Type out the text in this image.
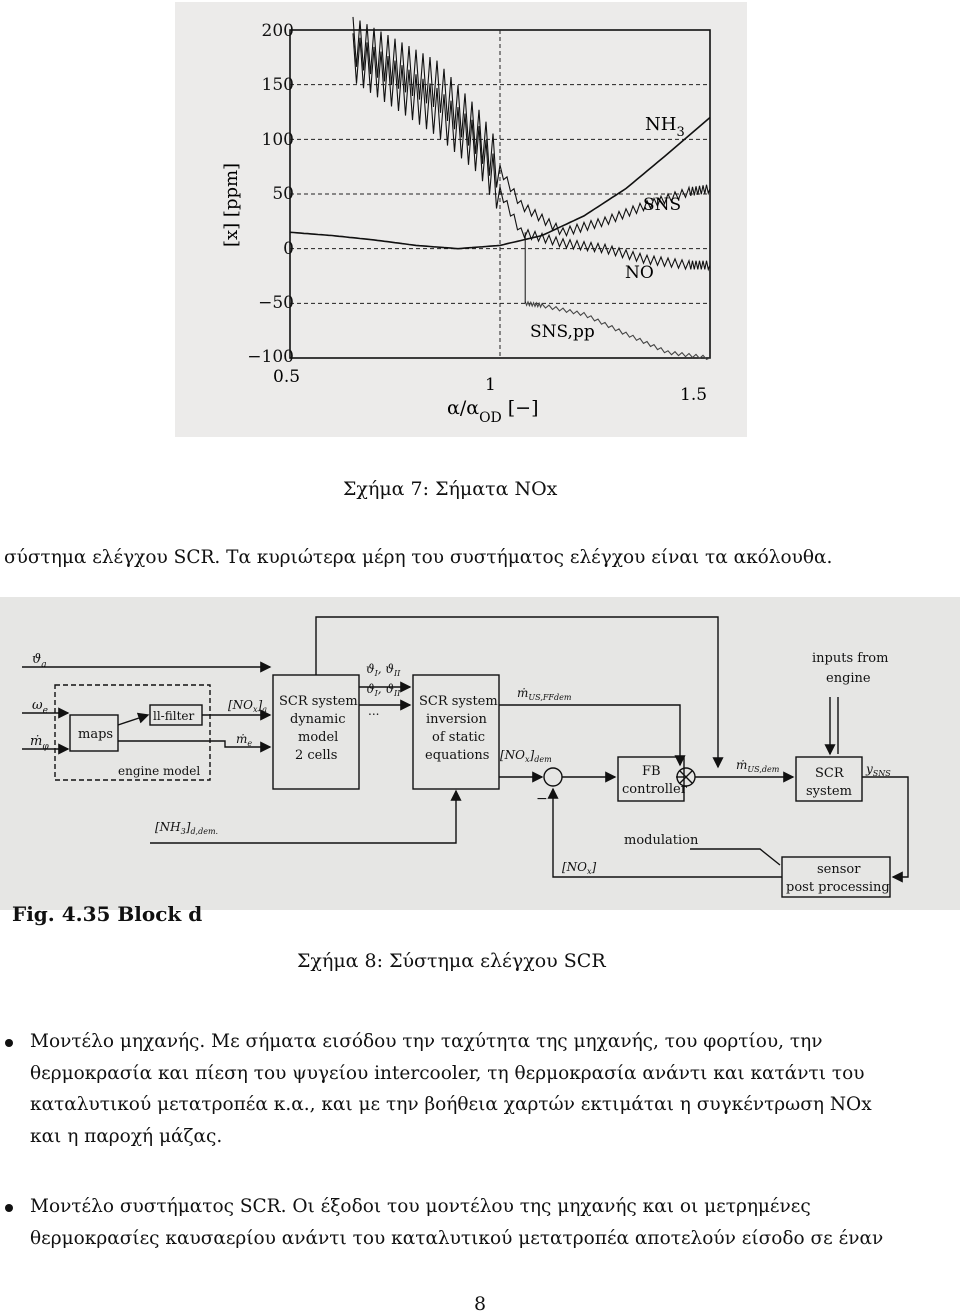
200
150
100
50
0
−50
−100
0.5	1	1.5
[x] [ppm]
$\alpha/\alpha_{OD}$ [−]
$NH_3$
SNS
NO
SNS,pp
Σχήμα 7: Σήματα NOx
σύστημα ελέγχου SCR. Τα κυριώτερα μέρη του συστήματος ελέγχου είναι τα ακόλουθα.
$ϑ_a$
$\omega_e$
ṁ$_\varphi$
maps
ll-filter
engine model
$[NO_x]_a$
ṁ$_e$
SCR system
dynamic
model
2 cells
$ϑ_I$, $ϑ_{II}$
$ϑ_I$, $ϑ_{II}$
...
SCR system
inversion
of static
equations
ṁ$_{US,FFdem}$
$[NO_x]_{dem}$
FB
controller
−
ṁ$_{US,dem}$
inputs from
engine
SCR
system
$y_{SNS}$
$[NH_3]_{d,dem.}$
modulation
$[NO_x]$	sensor
post processing
Fig. 4.35 Block d
Σχήμα 8: Σύστημα ελέγχου SCR
Μοντέλο μηχανής. Με σήματα εισόδου την ταχύτητα της μηχανής, του φορτίου, την
θερμοκρασία και πίεση του ψυγείου intercooler, τη θερμοκρασία ανάντι και κατάντι του
καταλυτικού μετατροπέα κ.α., και με την βοήθεια χαρτών εκτιμάται η συγκέντρωση NOx
και η παροχή μάζας.
Μοντέλο συστήματος SCR. Οι έξοδοι του μοντέλου της μηχανής και οι μετρημένες
θερμοκρασίες καυσαερίου ανάντι του καταλυτικού μετατροπέα αποτελούν είσοδο σε έναν
8
